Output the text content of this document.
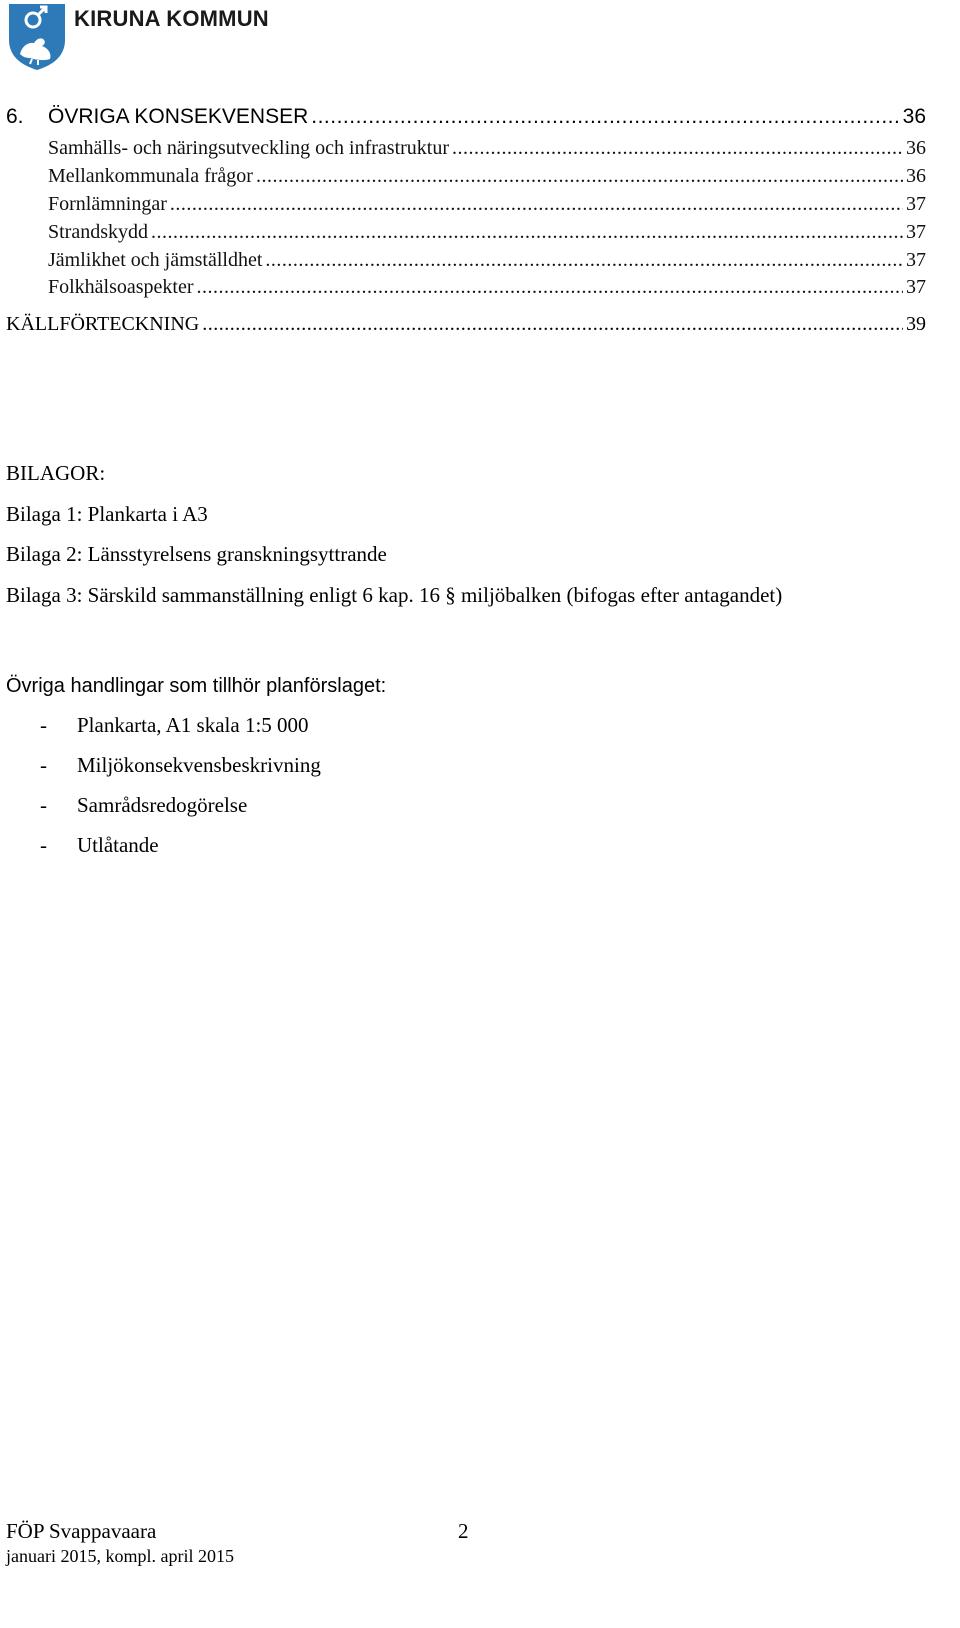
KIRUNA KOMMUN
6.	ÖVRIGA KONSEKVENSER .....	36
Samhälls- och näringsutveckling och infrastruktur .....	36
Mellankommunala frågor .....	36
Fornlämningar .....	37
Strandskydd .....	37
Jämlikhet och jämställdhet .....	37
Folkhälsoaspekter .....	37
KÄLLFÖRTECKNING .....	39
BILAGOR:
Bilaga 1: Plankarta i A3
Bilaga 2: Länsstyrelsens granskningsyttrande
Bilaga 3: Särskild sammanställning enligt 6 kap. 16 § miljöbalken (bifogas efter antagandet)
Övriga handlingar som tillhör planförslaget:
-	Plankarta, A1 skala 1:5 000
-	Miljökonsekvensbeskrivning
-	Samrådsredogörelse
-	Utlåtande
FÖP Svappavaara	2
januari 2015, kompl. april 2015
